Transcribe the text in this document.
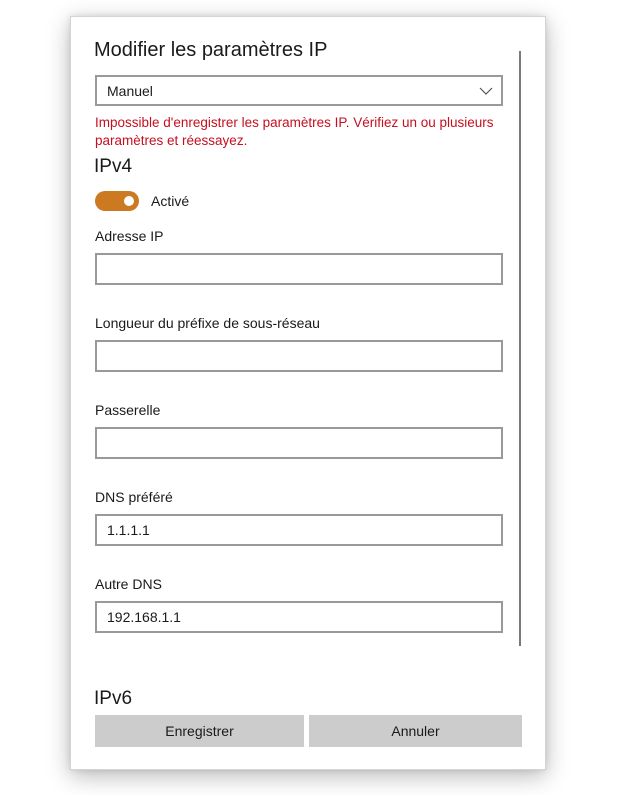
Modifier les paramètres IP
Manuel
Impossible d'enregistrer les paramètres IP. Vérifiez un ou plusieurs paramètres et réessayez.
IPv4
Activé
Adresse IP
Longueur du préfixe de sous-réseau
Passerelle
DNS préféré
1.1.1.1
Autre DNS
192.168.1.1
IPv6
Enregistrer	Annuler
